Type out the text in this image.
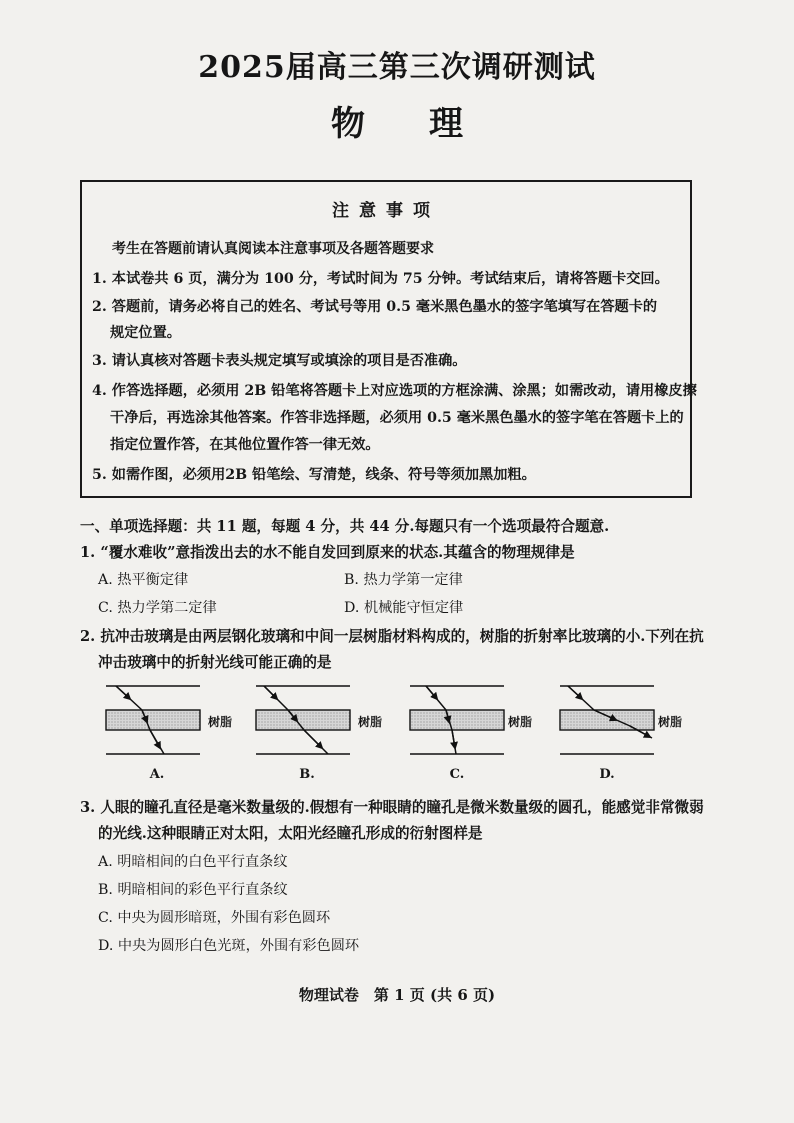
2025届高三第三次调研测试
物理
注意事项
考生在答题前请认真阅读本注意事项及各题答题要求
1. 本试卷共 6 页，满分为 100 分，考试时间为 75 分钟。考试结束后，请将答题卡交回。
2. 答题前，请务必将自己的姓名、考试号等用 0.5 毫米黑色墨水的签字笔填写在答题卡的
规定位置。
3. 请认真核对答题卡表头规定填写或填涂的项目是否准确。
4. 作答选择题，必须用 2B 铅笔将答题卡上对应选项的方框涂满、涂黑；如需改动，请用橡皮擦
干净后，再选涂其他答案。作答非选择题，必须用 0.5 毫米黑色墨水的签字笔在答题卡上的
指定位置作答，在其他位置作答一律无效。
5. 如需作图，必须用2B 铅笔绘、写清楚，线条、符号等须加黑加粗。
一、单项选择题：共 11 题，每题 4 分，共 44 分.每题只有一个选项最符合题意.
1. “覆水难收”意指泼出去的水不能自发回到原来的状态.其蕴含的物理规律是
A. 热平衡定律	B. 热力学第一定律
C. 热力学第二定律	D. 机械能守恒定律
2. 抗冲击玻璃是由两层钢化玻璃和中间一层树脂材料构成的，树脂的折射率比玻璃的小.下列在抗
冲击玻璃中的折射光线可能正确的是
树脂	树脂	树脂	树脂
A.	B.	C.	D.
3. 人眼的瞳孔直径是毫米数量级的.假想有一种眼睛的瞳孔是微米数量级的圆孔，能感觉非常微弱
的光线.这种眼睛正对太阳，太阳光经瞳孔形成的衍射图样是
A. 明暗相间的白色平行直条纹
B. 明暗相间的彩色平行直条纹
C. 中央为圆形暗斑，外围有彩色圆环
D. 中央为圆形白色光斑，外围有彩色圆环
物理试卷　第 1 页 (共 6 页)
